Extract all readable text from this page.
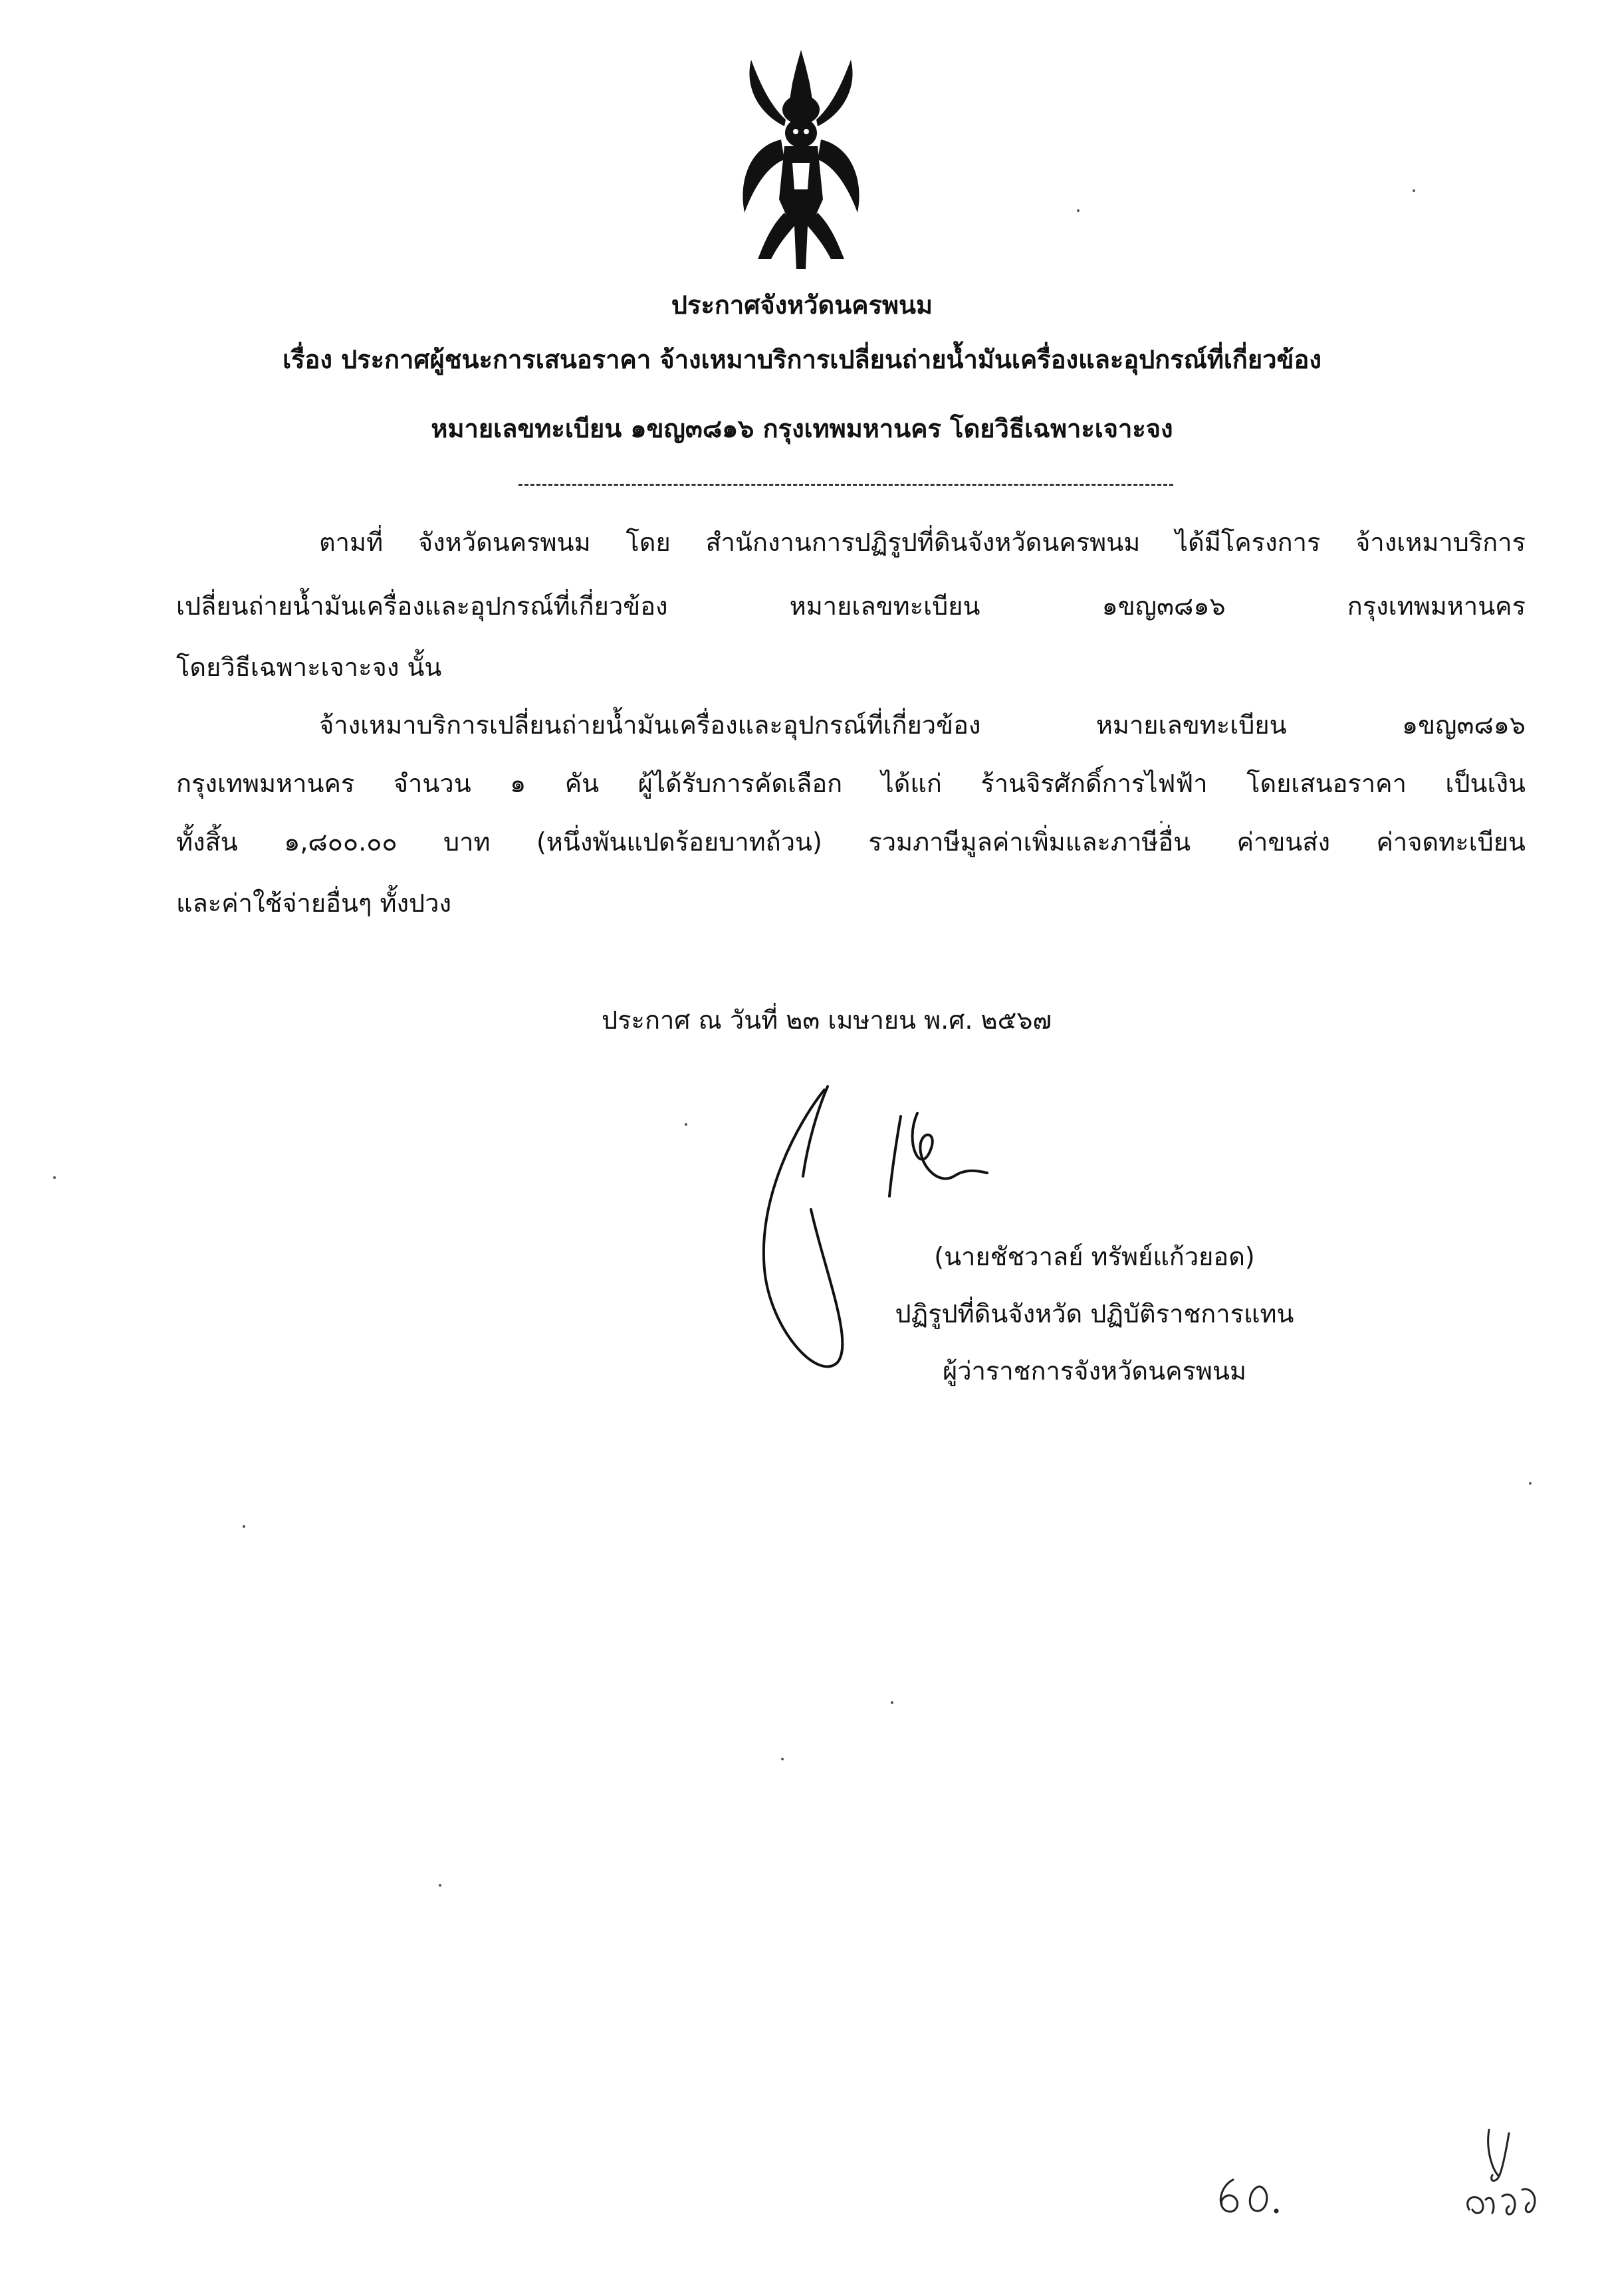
ประกาศจังหวัดนครพนม
เรื่อง ประกาศผู้ชนะการเสนอราคา จ้างเหมาบริการเปลี่ยนถ่ายน้ำมันเครื่องและอุปกรณ์ที่เกี่ยวข้อง
หมายเลขทะเบียน ๑ขญ๓๘๑๖ กรุงเทพมหานคร โดยวิธีเฉพาะเจาะจง
ตามที่ จังหวัดนครพนม โดย สำนักงานการปฏิรูปที่ดินจังหวัดนครพนม ได้มีโครงการ จ้างเหมาบริการ
เปลี่ยนถ่ายน้ำมันเครื่องและอุปกรณ์ที่เกี่ยวข้อง หมายเลขทะเบียน ๑ขญ๓๘๑๖ กรุงเทพมหานคร
โดยวิธีเฉพาะเจาะจง นั้น
จ้างเหมาบริการเปลี่ยนถ่ายน้ำมันเครื่องและอุปกรณ์ที่เกี่ยวข้อง หมายเลขทะเบียน ๑ขญ๓๘๑๖
กรุงเทพมหานคร จำนวน ๑ คัน ผู้ได้รับการคัดเลือก ได้แก่ ร้านจิรศักดิ์การไฟฟ้า โดยเสนอราคา เป็นเงิน
ทั้งสิ้น ๑,๘๐๐.๐๐ บาท (หนึ่งพันแปดร้อยบาทถ้วน) รวมภาษีมูลค่าเพิ่มและภาษีอื่น ค่าขนส่ง ค่าจดทะเบียน
และค่าใช้จ่ายอื่นๆ ทั้งปวง
ประกาศ ณ วันที่ ๒๓ เมษายน พ.ศ. ๒๕๖๗
(นายชัชวาลย์ ทรัพย์แก้วยอด)
ปฏิรูปที่ดินจังหวัด ปฏิบัติราชการแทน
ผู้ว่าราชการจังหวัดนครพนม
